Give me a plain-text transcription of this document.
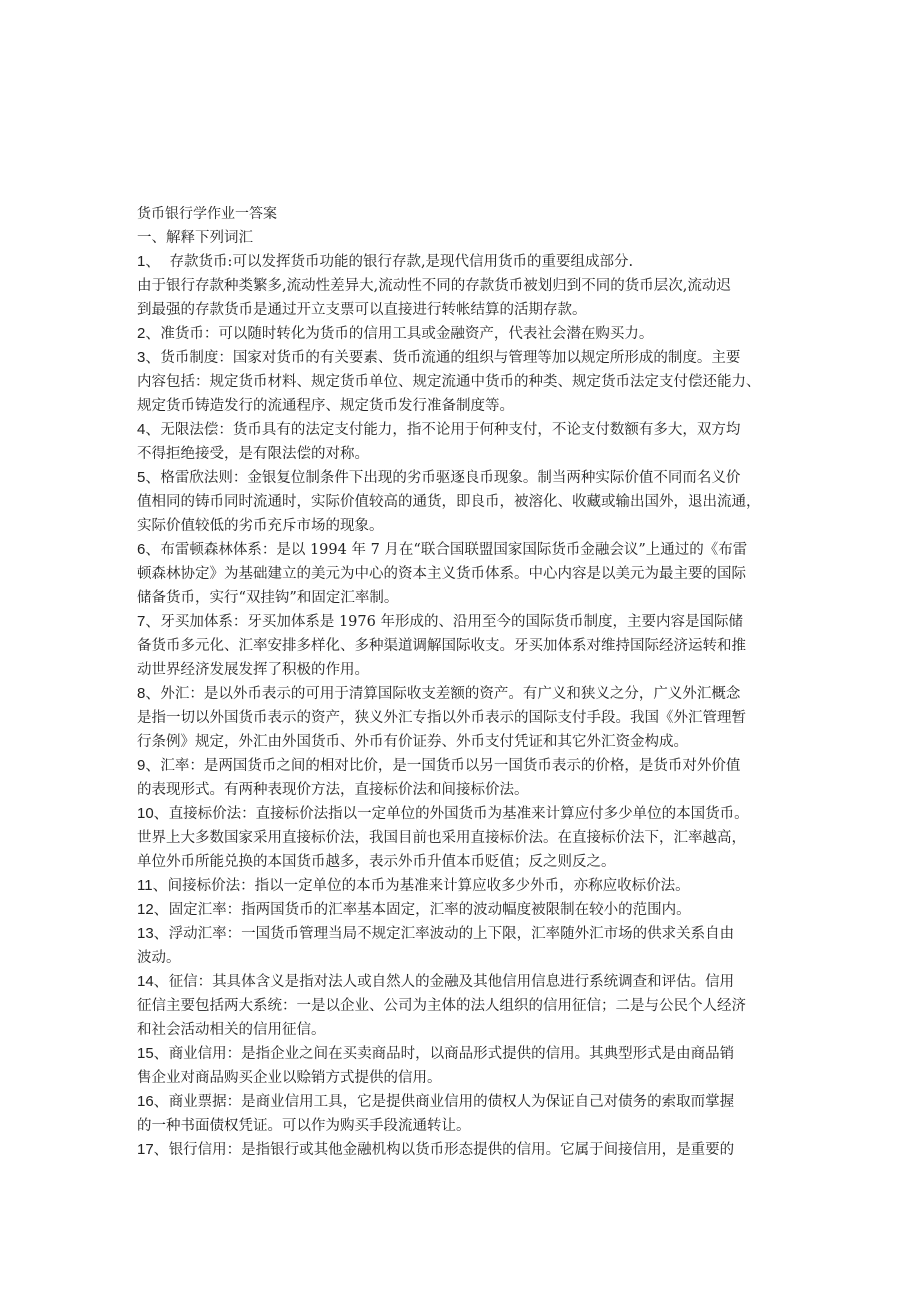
货币银行学作业一答案
一、解释下列词汇
1、  存款货币:可以发挥货币功能的银行存款,是现代信用货币的重要组成部分.
由于银行存款种类繁多,流动性差异大,流动性不同的存款货币被划归到不同的货币层次,流动迟
到最强的存款货币是通过开立支票可以直接进行转帐结算的活期存款。
2、准货币：可以随时转化为货币的信用工具或金融资产，代表社会潜在购买力。
3、货币制度：国家对货币的有关要素、货币流通的组织与管理等加以规定所形成的制度。主要
内容包括：规定货币材料、规定货币单位、规定流通中货币的种类、规定货币法定支付偿还能力、
规定货币铸造发行的流通程序、规定货币发行准备制度等。
4、无限法偿：货币具有的法定支付能力，指不论用于何种支付，不论支付数额有多大，双方均
不得拒绝接受，是有限法偿的对称。
5、格雷欣法则：金银复位制条件下出现的劣币驱逐良币现象。制当两种实际价值不同而名义价
值相同的铸币同时流通时，实际价值较高的通货，即良币，被溶化、收藏或输出国外，退出流通，
实际价值较低的劣币充斥市场的现象。
6、布雷顿森林体系：是以 1994 年 7 月在“联合国联盟国家国际货币金融会议”上通过的《布雷
顿森林协定》为基础建立的美元为中心的资本主义货币体系。中心内容是以美元为最主要的国际
储备货币，实行“双挂钩”和固定汇率制。
7、牙买加体系：牙买加体系是 1976 年形成的、沿用至今的国际货币制度，主要内容是国际储
备货币多元化、汇率安排多样化、多种渠道调解国际收支。牙买加体系对维持国际经济运转和推
动世界经济发展发挥了积极的作用。
8、外汇：是以外币表示的可用于清算国际收支差额的资产。有广义和狭义之分，广义外汇概念
是指一切以外国货币表示的资产，狭义外汇专指以外币表示的国际支付手段。我国《外汇管理暂
行条例》规定，外汇由外国货币、外币有价证券、外币支付凭证和其它外汇资金构成。
9、汇率：是两国货币之间的相对比价，是一国货币以另一国货币表示的价格，是货币对外价值
的表现形式。有两种表现价方法，直接标价法和间接标价法。
10、直接标价法：直接标价法指以一定单位的外国货币为基准来计算应付多少单位的本国货币。
世界上大多数国家采用直接标价法，我国目前也采用直接标价法。在直接标价法下，汇率越高，
单位外币所能兑换的本国货币越多，表示外币升值本币贬值；反之则反之。
11、间接标价法：指以一定单位的本币为基准来计算应收多少外币，亦称应收标价法。
12、固定汇率：指两国货币的汇率基本固定，汇率的波动幅度被限制在较小的范围内。
13、浮动汇率：一国货币管理当局不规定汇率波动的上下限，汇率随外汇市场的供求关系自由
波动。
14、征信：其具体含义是指对法人或自然人的金融及其他信用信息进行系统调查和评估。信用
征信主要包括两大系统：一是以企业、公司为主体的法人组织的信用征信；二是与公民个人经济
和社会活动相关的信用征信。
15、商业信用：是指企业之间在买卖商品时，以商品形式提供的信用。其典型形式是由商品销
售企业对商品购买企业以赊销方式提供的信用。
16、商业票据：是商业信用工具，它是提供商业信用的债权人为保证自己对债务的索取而掌握
的一种书面债权凭证。可以作为购买手段流通转让。
17、银行信用：是指银行或其他金融机构以货币形态提供的信用。它属于间接信用，是重要的
